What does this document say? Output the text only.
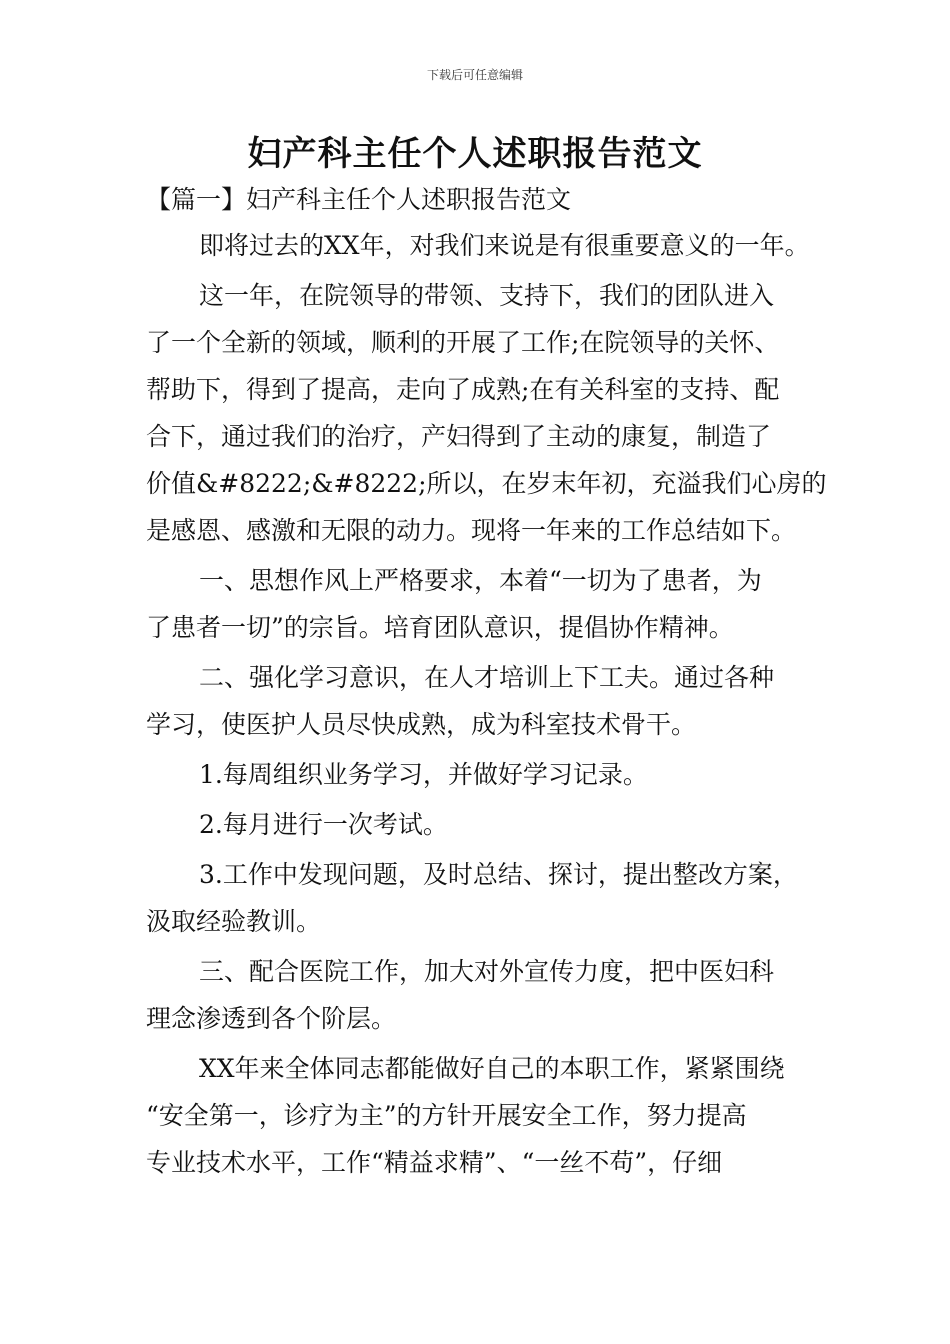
下载后可任意编辑
妇产科主任个人述职报告范文
【篇一】妇产科主任个人述职报告范文

即将过去的XX年，对我们来说是有很重要意义的一年。

这一年，在院领导的带领、支持下，我们的团队进入
了一个全新的领域，顺利的开展了工作;在院领导的关怀、
帮助下，得到了提高，走向了成熟;在有关科室的支持、配
合下，通过我们的治疗，产妇得到了主动的康复，制造了
价值&#8222;&#8222;所以，在岁末年初，充溢我们心房的
是感恩、感激和无限的动力。现将一年来的工作总结如下。

一、思想作风上严格要求，本着“一切为了患者，为
了患者一切”的宗旨。培育团队意识，提倡协作精神。

二、强化学习意识，在人才培训上下工夫。通过各种
学习，使医护人员尽快成熟，成为科室技术骨干。

1.每周组织业务学习，并做好学习记录。

2.每月进行一次考试。

3.工作中发现问题，及时总结、探讨，提出整改方案，
汲取经验教训。

三、配合医院工作，加大对外宣传力度，把中医妇科
理念渗透到各个阶层。

XX年来全体同志都能做好自己的本职工作，紧紧围绕
“安全第一，诊疗为主”的方针开展安全工作，努力提高
专业技术水平，工作“精益求精”、“一丝不苟”，仔细
